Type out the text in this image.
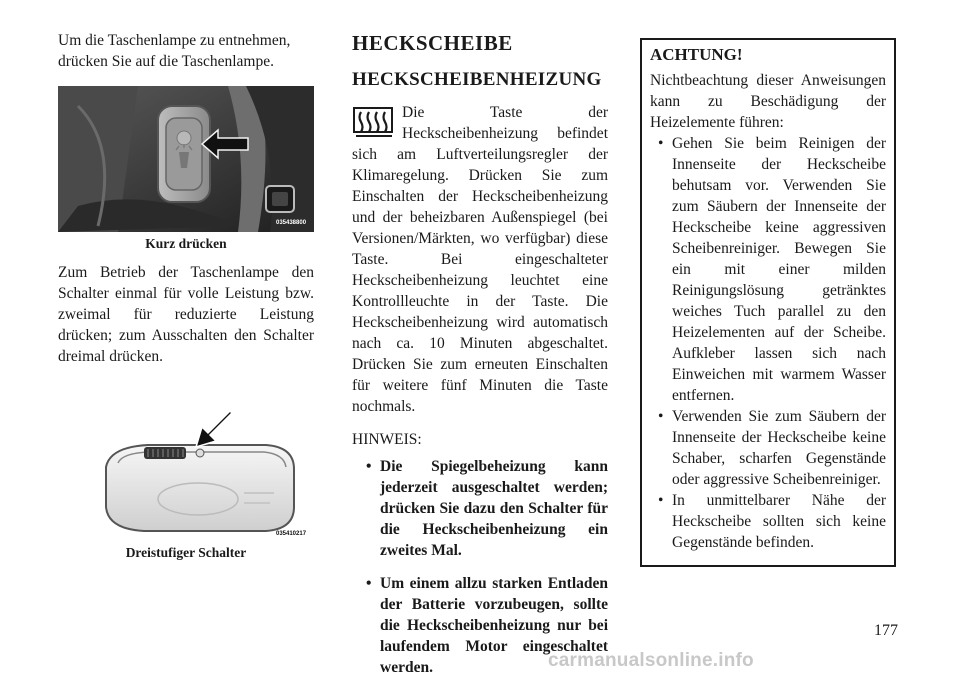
Um die Taschenlampe zu entnehmen, drücken Sie auf die Taschenlampe.

035438800

Kurz drücken

Zum Betrieb der Taschenlampe den Schalter einmal für volle Leistung bzw. zweimal für reduzierte Leistung drücken; zum Ausschalten den Schalter dreimal drücken.

035410217

Dreistufiger Schalter

HECKSCHEIBE
HECKSCHEIBENHEIZUNG

Die Taste der Heckscheibenheizung befindet sich am Luftverteilungsregler der Klimaregelung. Drücken Sie zum Einschalten der Heckscheibenheizung und der beheizbaren Außenspiegel (bei Versionen/Märkten, wo verfügbar) diese Taste. Bei eingeschalteter Heckscheibenheizung leuchtet eine Kontrollleuchte in der Taste. Die Heckscheibenheizung wird automatisch nach ca. 10 Minuten abgeschaltet. Drücken Sie zum erneuten Einschalten für weitere fünf Minuten die Taste nochmals.

HINWEIS:

• Die Spiegelbeheizung kann jederzeit ausgeschaltet werden; drücken Sie dazu den Schalter für die Heckscheibenheizung ein zweites Mal.
• Um einem allzu starken Entladen der Batterie vorzubeugen, sollte die Heckscheibenheizung nur bei laufendem Motor eingeschaltet werden.

ACHTUNG!

Nichtbeachtung dieser Anweisungen kann zu Beschädigung der Heizelemente führen:

• Gehen Sie beim Reinigen der Innenseite der Heckscheibe behutsam vor. Verwenden Sie zum Säubern der Innenseite der Heckscheibe keine aggressiven Scheibenreiniger. Bewegen Sie ein mit einer milden Reinigungslösung getränktes weiches Tuch parallel zu den Heizelementen auf der Scheibe. Aufkleber lassen sich nach Einweichen mit warmem Wasser entfernen.
• Verwenden Sie zum Säubern der Innenseite der Heckscheibe keine Schaber, scharfen Gegenstände oder aggressive Scheibenreiniger.
• In unmittelbarer Nähe der Heckscheibe sollten sich keine Gegenstände befinden.
177
carmanualsonline.info
